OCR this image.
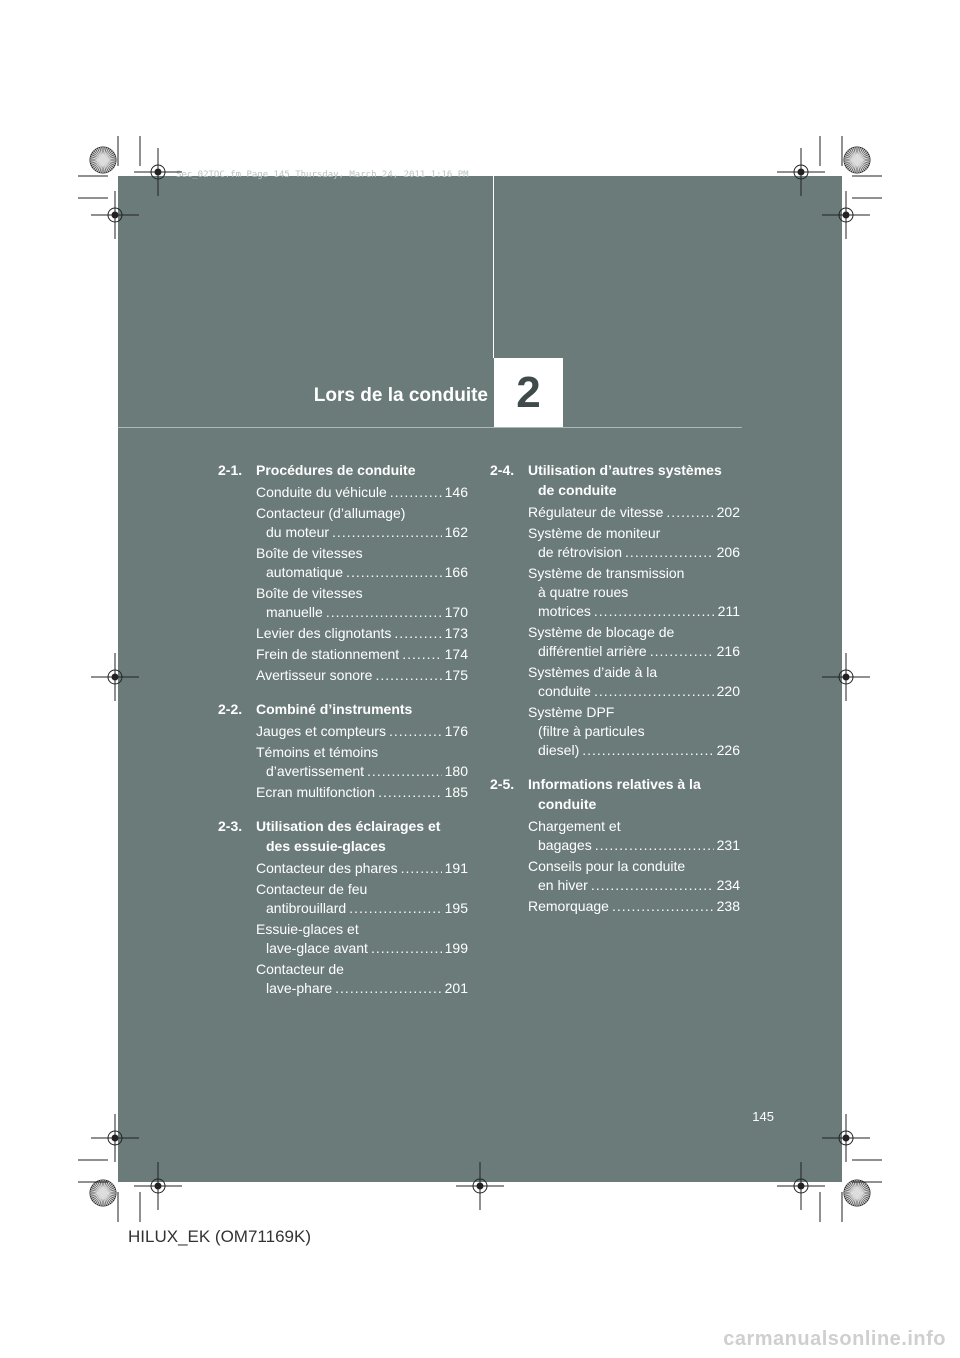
Sec_02TOC.fm Page 145 Thursday, March 24, 2011 1:16 PM
Lors de la conduite 2
2-1. Procédures de conduite
Conduite du véhicule .....	146
Contacteur (d’allumage)
du moteur .....	162
Boîte de vitesses
automatique .....	166
Boîte de vitesses
manuelle .....	170
Levier des clignotants .....	173
Frein de stationnement .....	174
Avertisseur sonore .....	175
2-2. Combiné d’instruments
Jauges et compteurs .....	176
Témoins et témoins
d’avertissement .....	180
Ecran multifonction .....	185
2-3. Utilisation des éclairages et des essuie-glaces
Contacteur des phares .....	191
Contacteur de feu
antibrouillard .....	195
Essuie-glaces et
lave-glace avant .....	199
Contacteur de
lave-phare .....	201
2-4. Utilisation d’autres systèmes de conduite
Régulateur de vitesse .....	202
Système de moniteur
de rétrovision .....	206
Système de transmission
à quatre roues
motrices .....	211
Système de blocage de
différentiel arrière .....	216
Systèmes d’aide à la
conduite .....	220
Système DPF
(filtre à particules
diesel) .....	226
2-5. Informations relatives à la conduite
Chargement et
bagages .....	231
Conseils pour la conduite
en hiver .....	234
Remorquage .....	238
145
HILUX_EK (OM71169K)
carmanualsonline.info
